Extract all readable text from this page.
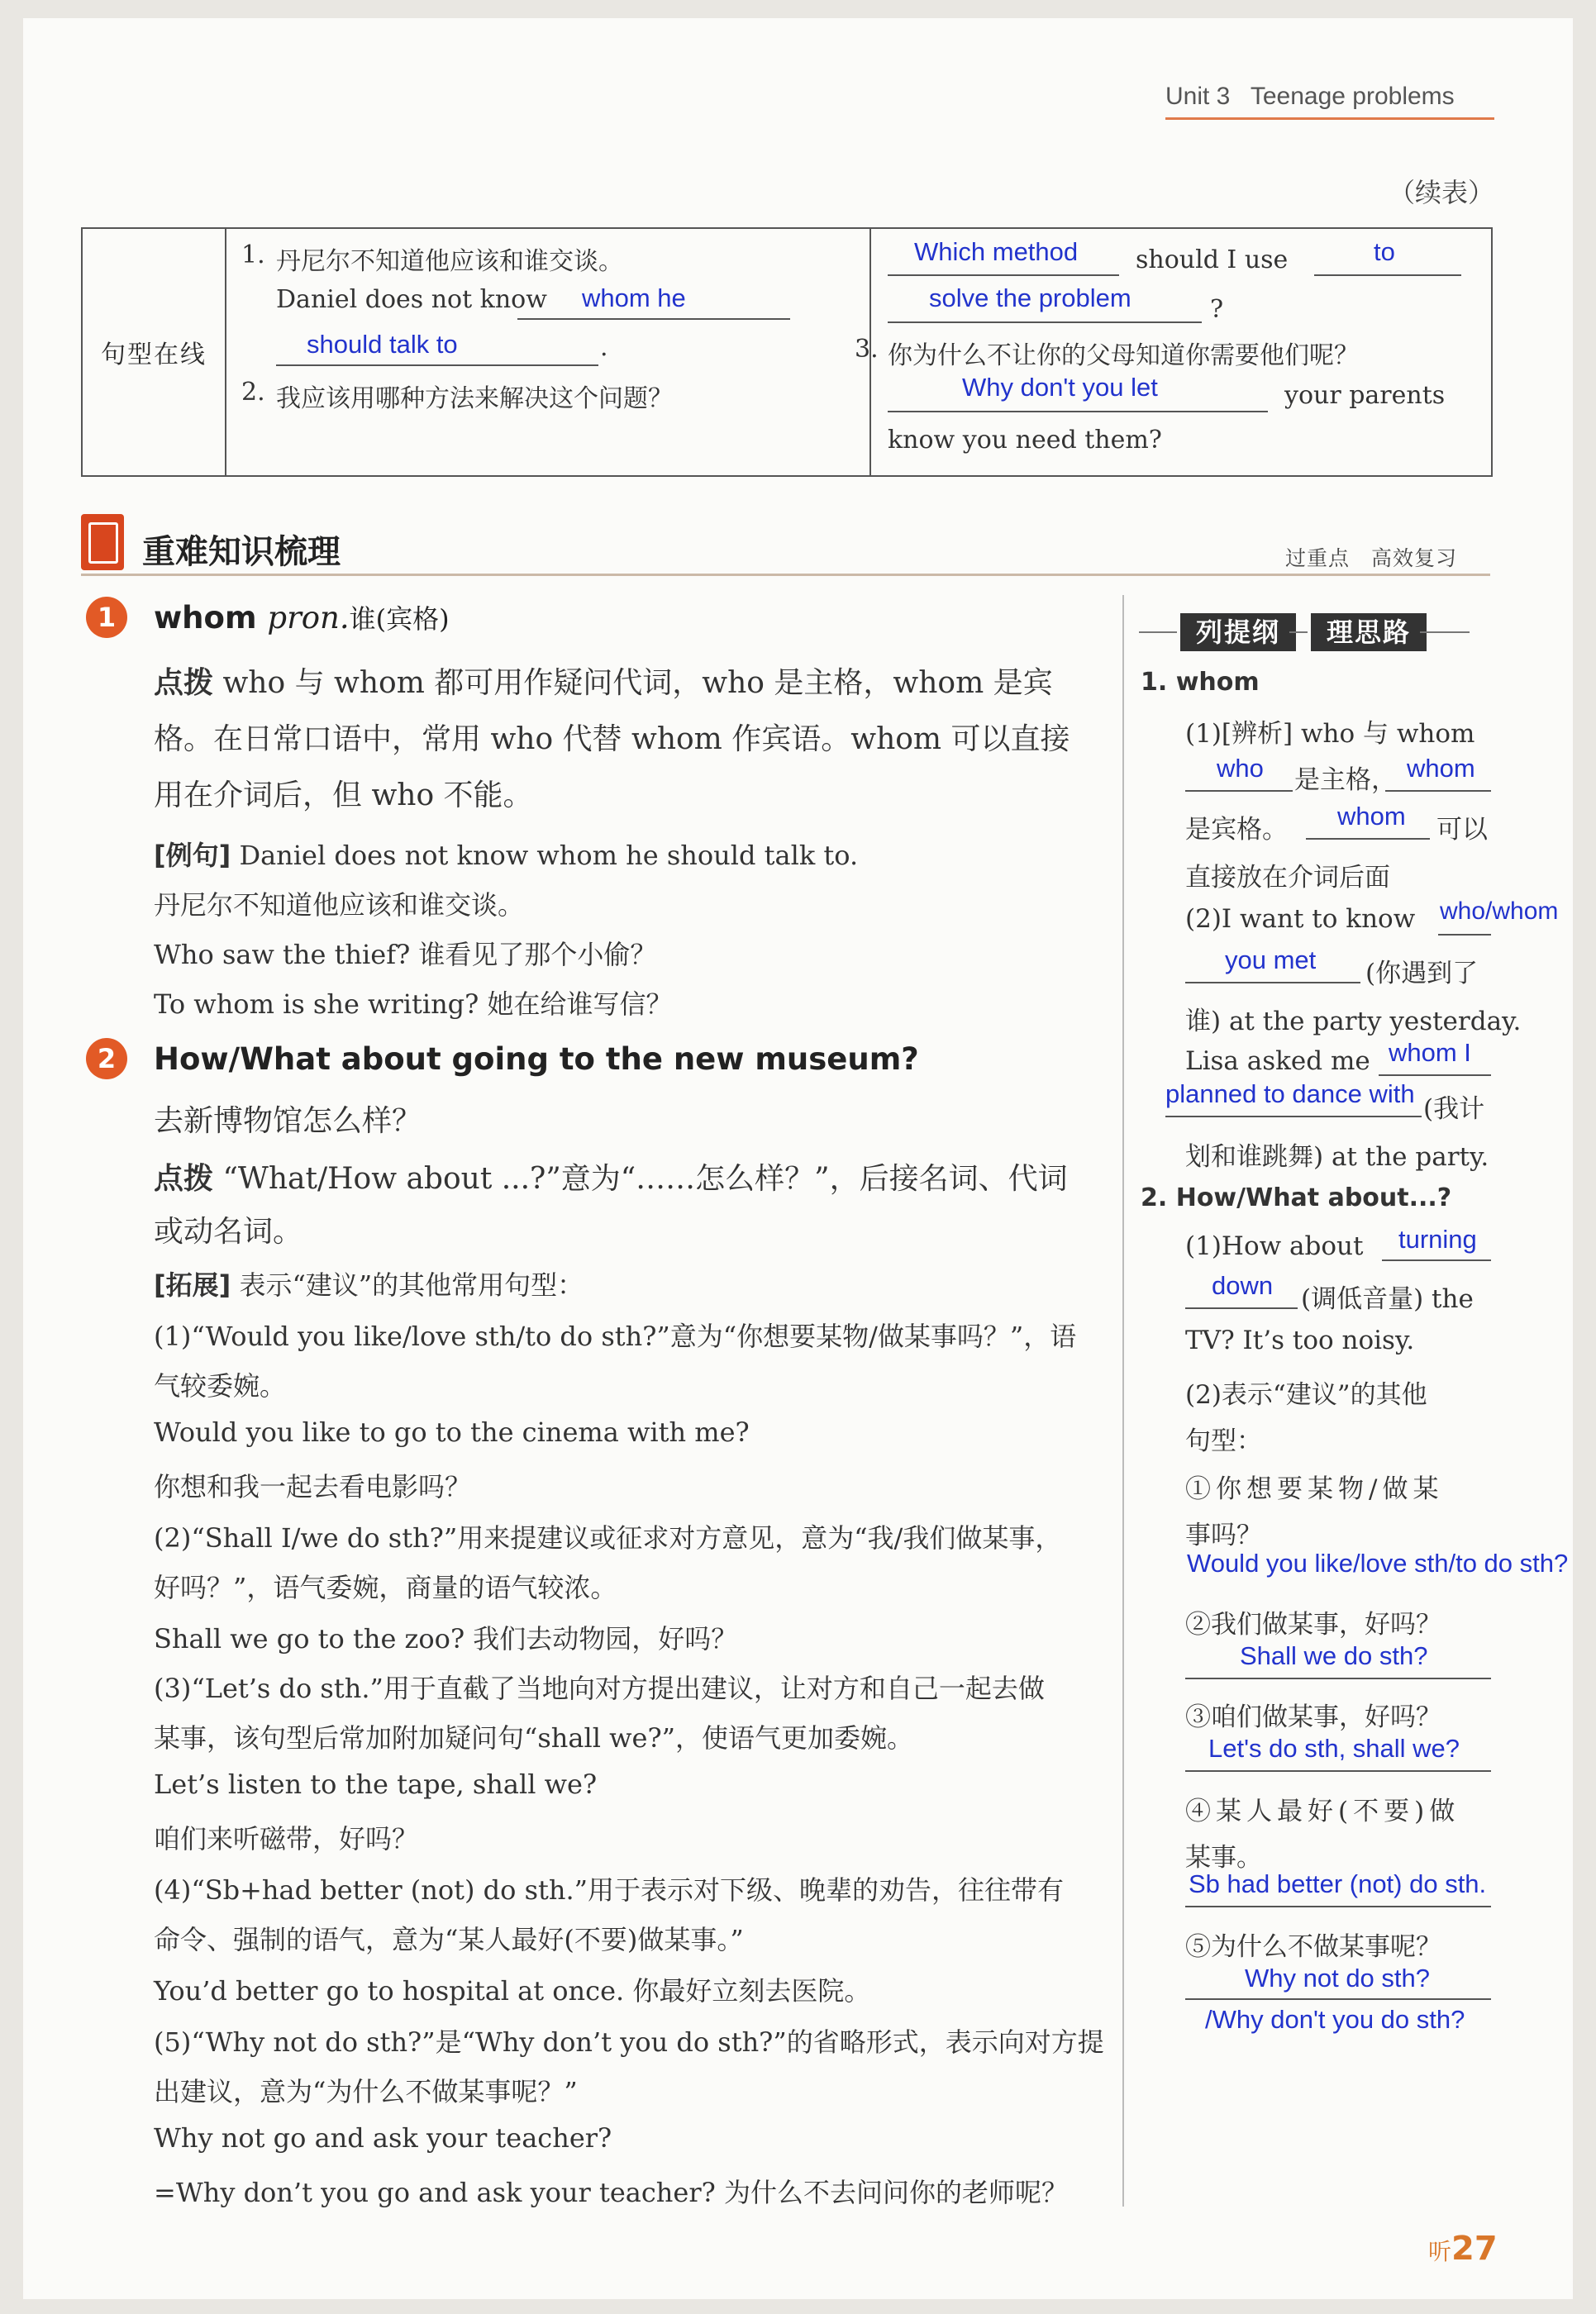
Unit 3 Teenage problems
（续表）
句型在线	
1. 丹尼尔不知道他应该和谁交谈。
Daniel does not know whom he
should talk to	.
2. 我应该用哪种方法来解决这个问题？

Which method should I use	to
solve the problem	?
3. 你为什么不让你的父母知道你需要他们呢？
Why don't you let	your parents
know you need them?
重难知识梳理	过重点　高效复习
1	whom pron.谁(宾格)
点拨 who 与 whom 都可用作疑问代词，who 是主格，whom 是宾
格。在日常口语中，常用 who 代替 whom 作宾语。whom 可以直接
用在介词后，但 who 不能。
[例句] Daniel does not know whom he should talk to.
丹尼尔不知道他应该和谁交谈。
Who saw the thief? 谁看见了那个小偷？
To whom is she writing? 她在给谁写信？
2	How/What about going to the new museum?
去新博物馆怎么样？
点拨 “What/How about ...?”意为“……怎么样？”，后接名词、代词
或动名词。
[拓展] 表示“建议”的其他常用句型：
(1)“Would you like/love sth/to do sth?”意为“你想要某物/做某事吗？”，语
气较委婉。
Would you like to go to the cinema with me?
你想和我一起去看电影吗？
(2)“Shall I/we do sth?”用来提建议或征求对方意见，意为“我/我们做某事，
好吗？”，语气委婉，商量的语气较浓。
Shall we go to the zoo? 我们去动物园，好吗？
(3)“Let’s do sth.”用于直截了当地向对方提出建议，让对方和自己一起去做
某事，该句型后常加附加疑问句“shall we?”，使语气更加委婉。
Let’s listen to the tape, shall we?
咱们来听磁带，好吗？
(4)“Sb+had better (not) do sth.”用于表示对下级、晚辈的劝告，往往带有
命令、强制的语气，意为“某人最好(不要)做某事。”
You’d better go to hospital at once. 你最好立刻去医院。
(5)“Why not do sth?”是“Why don’t you do sth?”的省略形式，表示向对方提
出建议，意为“为什么不做某事呢？”
Why not go and ask your teacher?
=Why don’t you go and ask your teacher? 为什么不去问问你的老师呢？
列提纲	理思路
1. whom
(1)[辨析] who 与 whom
who 是主格， whom
是宾格。 whom 可以
直接放在介词后面
(2)I want to know who/whom
you met (你遇到了
谁) at the party yesterday.
Lisa asked me whom I
planned to dance with
(我计
划和谁跳舞) at the party.
2. How/What about...?
(1)How about turning
down (调低音量) the
TV? It’s too noisy.
(2)表示“建议”的其他
句型：
①你想要某物/做某
事吗？
Would you like/love sth/to do sth?
②我们做某事，好吗？
Shall we do sth?
③咱们做某事，好吗？
Let's do sth, shall we?
④某人最好(不要)做
某事。
Sb had better (not) do sth.
⑤为什么不做某事呢？
Why not do sth?
/Why don't you do sth?
听27
